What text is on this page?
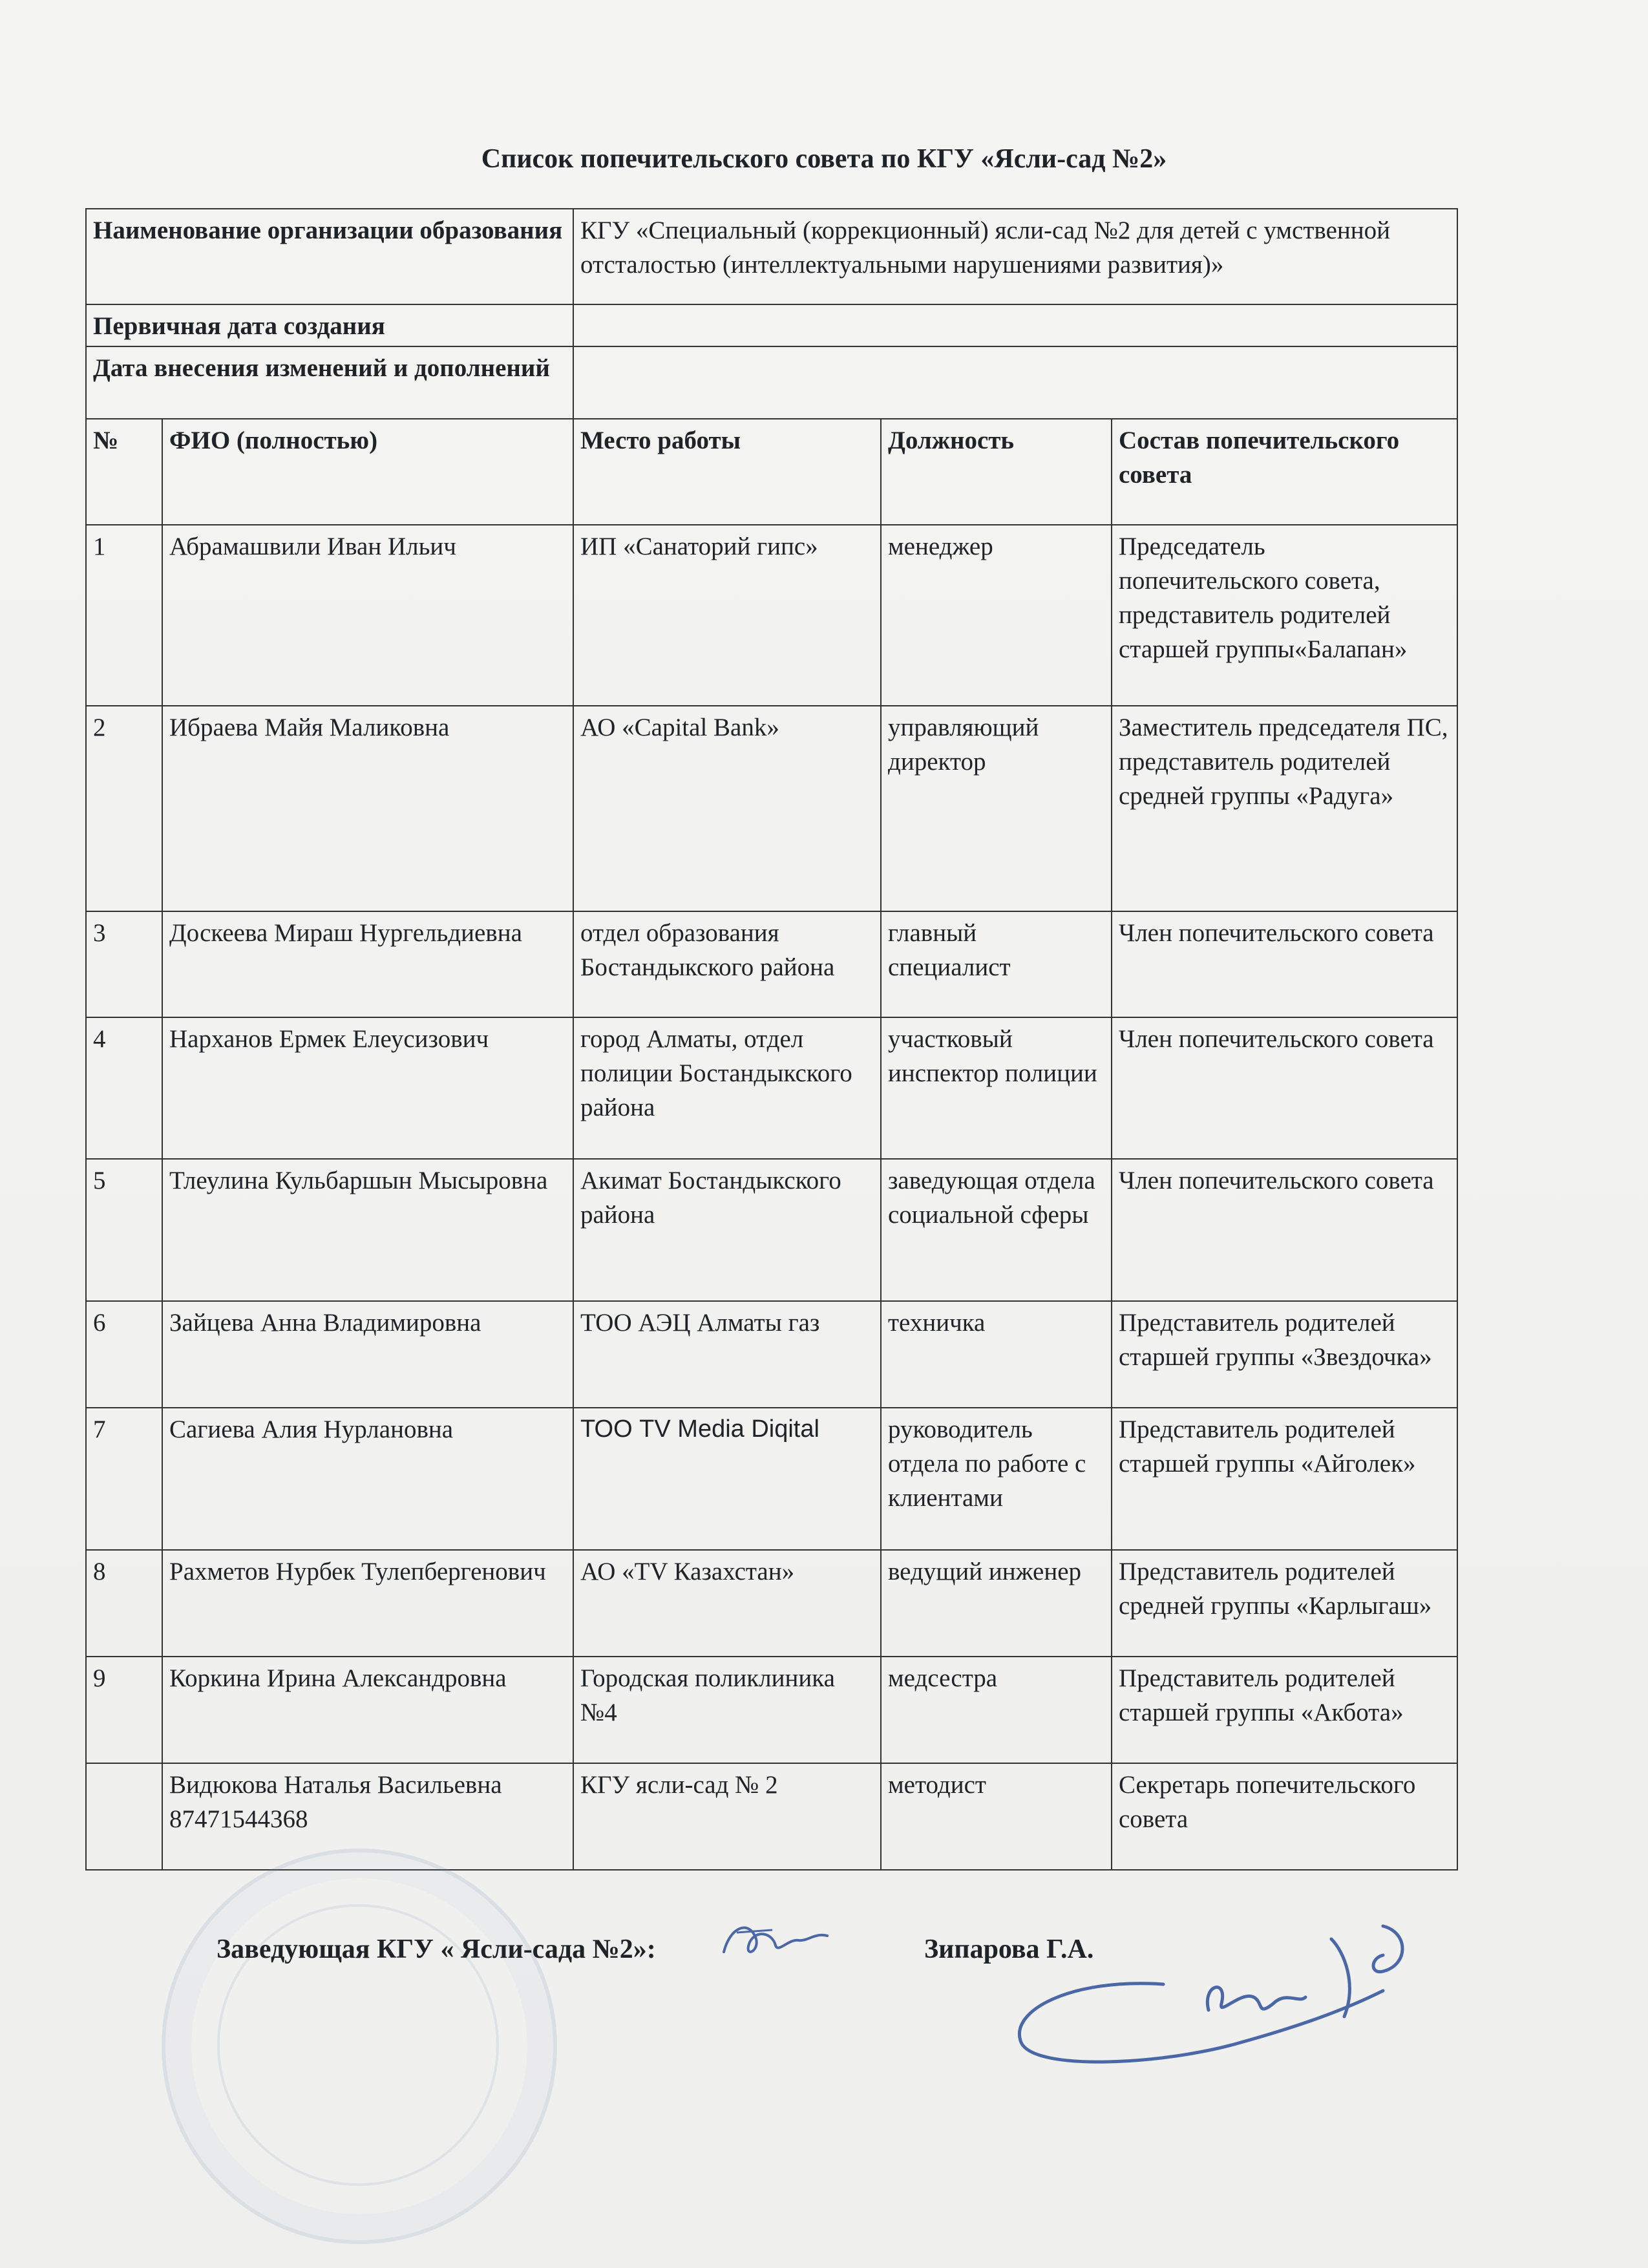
Список попечительского совета по КГУ «Ясли-сад №2»
Наименование организации образования		КГУ «Специальный (коррекционный) ясли-сад №2 для детей с умственной отсталостью (интеллектуальными нарушениями развития)»		
Первичная дата создания				
Дата внесения изменений и дополнений				
№	ФИО (полностью)	Место работы	Должность	Состав попечительского совета
1	Абрамашвили Иван Ильич	ИП «Санаторий гипс»	менеджер	Председатель попечительского совета, представитель родителей старшей группы«Балапан»
2	Ибраева Майя Маликовна	АО «Capital Bank»	управляющий директор	Заместитель председателя ПС, представитель родителей средней группы «Радуга»
3	Доскеева Мираш Нургельдиевна	отдел образования Бостандыкского района	главный специалист	Член попечительского совета
4	Нарханов Ермек Елеусизович	город Алматы, отдел полиции Бостандыкского района	участковый инспектор полиции	Член попечительского совета
5	Тлеулина Кульбаршын Мысыровна	Акимат Бостандыкского района	заведующая отдела социальной сферы	Член попечительского совета
6	Зайцева Анна Владимировна	ТОО АЭЦ Алматы газ	техничка	Представитель родителей старшей группы «Звездочка»
7	Сагиева Алия Нурлановна	ТОО TV Media Diqital	руководитель отдела по работе с клиентами	Представитель родителей старшей группы «Айголек»
8	Рахметов Нурбек Тулепбергенович	АО «TV Казахстан»	ведущий инженер	Представитель родителей средней группы «Карлыгаш»
9	Коркина Ирина Александровна	Городская поликлиника №4	медсестра	Представитель родителей старшей группы «Акбота»
	Видюкова Наталья Васильевна 87471544368	КГУ ясли-сад № 2	методист	Секретарь попечительского совета
Заведующая КГУ « Ясли-сада №2»:	Зипарова Г.А.
